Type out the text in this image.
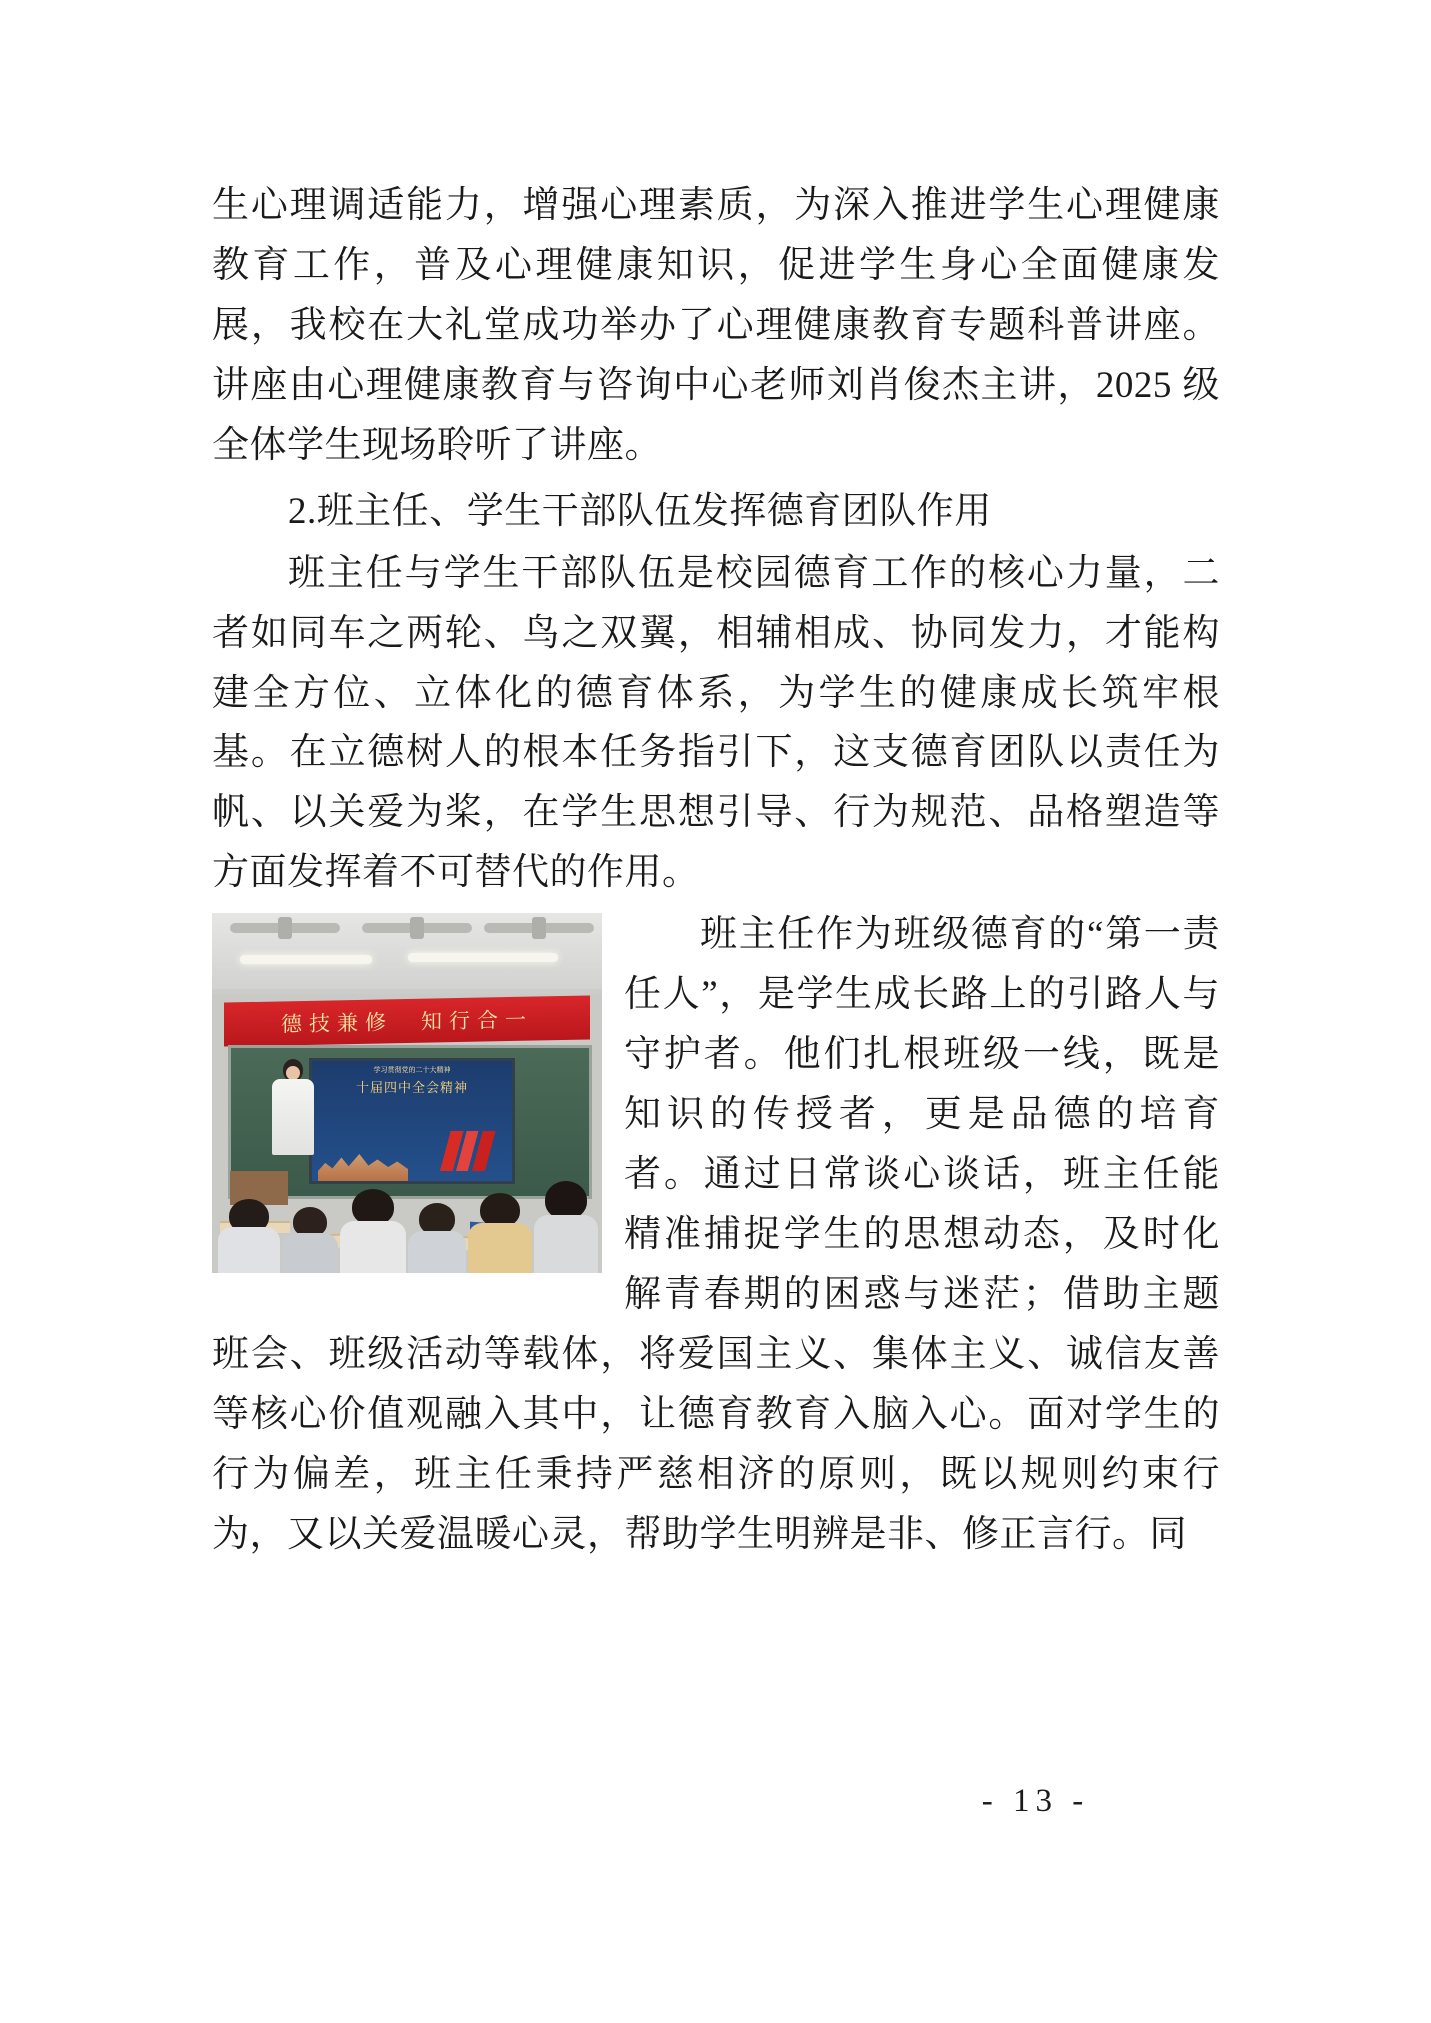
生心理调适能力，增强心理素质，为深入推进学生心理健康教育工作，普及心理健康知识，促进学生身心全面健康发展，我校在大礼堂成功举办了心理健康教育专题科普讲座。讲座由心理健康教育与咨询中心老师刘肖俊杰主讲，2025 级全体学生现场聆听了讲座。

2.班主任、学生干部队伍发挥德育团队作用

班主任与学生干部队伍是校园德育工作的核心力量，二者如同车之两轮、鸟之双翼，相辅相成、协同发力，才能构建全方位、立体化的德育体系，为学生的健康成长筑牢根基。在立德树人的根本任务指引下，这支德育团队以责任为帆、以关爱为桨，在学生思想引导、行为规范、品格塑造等方面发挥着不可替代的作用。

德技兼修　知行合一
学习贯彻党的二十大精神
十届四中全会精神

班主任作为班级德育的“第一责任人”，是学生成长路上的引路人与守护者。他们扎根班级一线，既是知识的传授者，更是品德的培育者。通过日常谈心谈话，班主任能精准捕捉学生的思想动态，及时化解青春期的困惑与迷茫；借助主题班会、班级活动等载体，将爱国主义、集体主义、诚信友善等核心价值观融入其中，让德育教育入脑入心。面对学生的行为偏差，班主任秉持严慈相济的原则，既以规则约束行为，又以关爱温暖心灵，帮助学生明辨是非、修正言行。同

- 13 -
